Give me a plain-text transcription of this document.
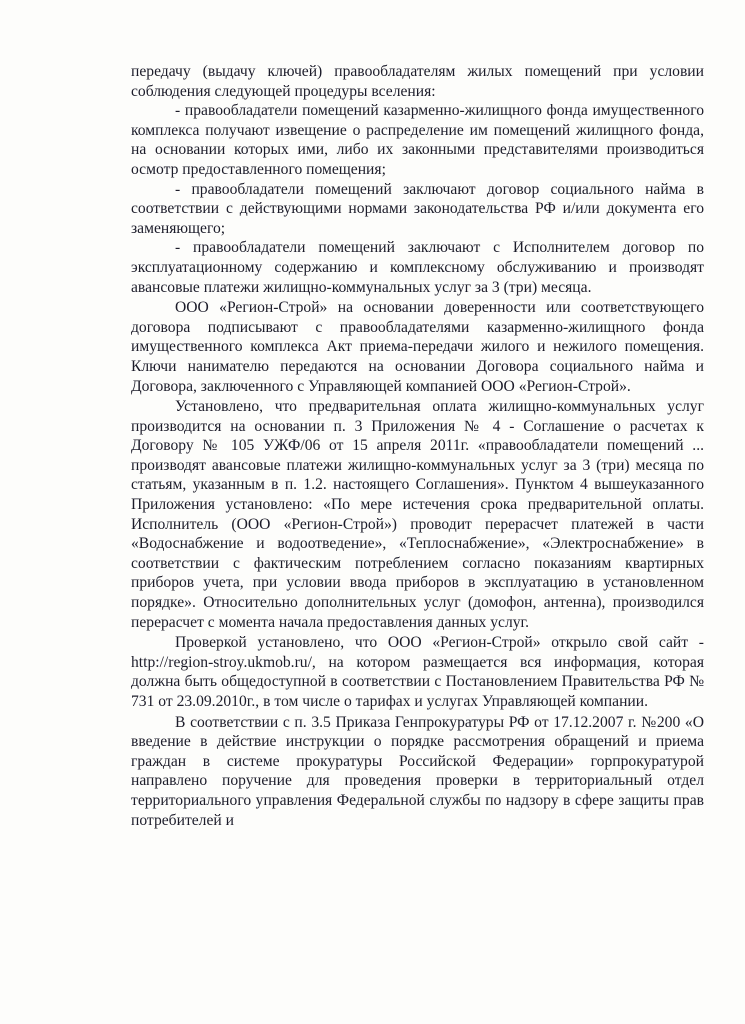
передачу (выдачу ключей) правообладателям жилых помещений при условии соблюдения следующей процедуры вселения:

- правообладатели помещений казарменно-жилищного фонда имущественного комплекса получают извещение о распределение им помещений жилищного фонда, на основании которых ими, либо их законными представителями производиться осмотр предоставленного помещения;

- правообладатели помещений заключают договор социального найма в соответствии с действующими нормами законодательства РФ и/или документа его заменяющего;

- правообладатели помещений заключают с Исполнителем договор по эксплуатационному содержанию и комплексному обслуживанию и производят авансовые платежи жилищно-коммунальных услуг за 3 (три) месяца.

ООО «Регион-Строй» на основании доверенности или соответствующего договора подписывают с правообладателями казарменно-жилищного фонда имущественного комплекса Акт приема-передачи жилого и нежилого помещения. Ключи нанимателю передаются на основании Договора социального найма и Договора, заключенного с Управляющей компанией ООО «Регион-Строй».

Установлено, что предварительная оплата жилищно-коммунальных услуг производится на основании п. 3 Приложения № 4 - Соглашение о расчетах к Договору № 105 УЖФ/06 от 15 апреля 2011г. «правообладатели помещений ... производят авансовые платежи жилищно-коммунальных услуг за 3 (три) месяца по статьям, указанным в п. 1.2. настоящего Соглашения». Пунктом 4 вышеуказанного Приложения установлено: «По мере истечения срока предварительной оплаты. Исполнитель (ООО «Регион-Строй») проводит перерасчет платежей в части «Водоснабжение и водоотведение», «Теплоснабжение», «Электроснабжение» в соответствии с фактическим потреблением согласно показаниям квартирных приборов учета, при условии ввода приборов в эксплуатацию в установленном порядке». Относительно дополнительных услуг (домофон, антенна), производился перерасчет с момента начала предоставления данных услуг.

Проверкой установлено, что ООО «Регион-Строй» открыло свой сайт - http://region-stroy.ukmob.ru/, на котором размещается вся информация, которая должна быть общедоступной в соответствии с Постановлением Правительства РФ № 731 от 23.09.2010г., в том числе о тарифах и услугах Управляющей компании.

В соответствии с п. 3.5 Приказа Генпрокуратуры РФ от 17.12.2007 г. №200 «О введение в действие инструкции о порядке рассмотрения обращений и приема граждан в системе прокуратуры Российской Федерации» горпрокуратурой направлено поручение для проведения проверки в территориальный отдел территориального управления Федеральной службы по надзору в сфере защиты прав потребителей и
